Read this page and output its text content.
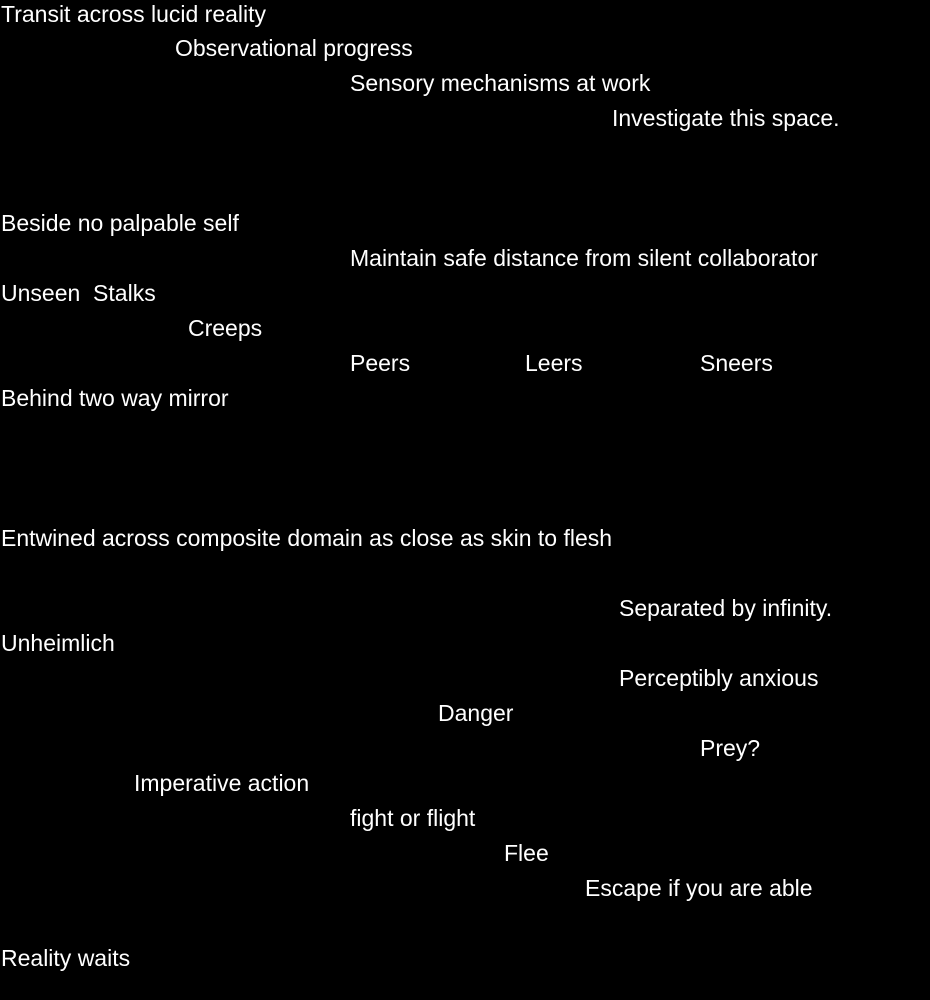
Transit across lucid reality
Observational progress
Sensory mechanisms at work
Investigate this space.
Beside no palpable self
Maintain safe distance from silent collaborator
Unseen  Stalks
Creeps
Peers	Leers	Sneers
Behind two way mirror
Entwined across composite domain as close as skin to flesh
Separated by infinity.
Unheimlich
Perceptibly anxious
Danger
Prey?
Imperative action
fight or flight
Flee
Escape if you are able
Reality waits
